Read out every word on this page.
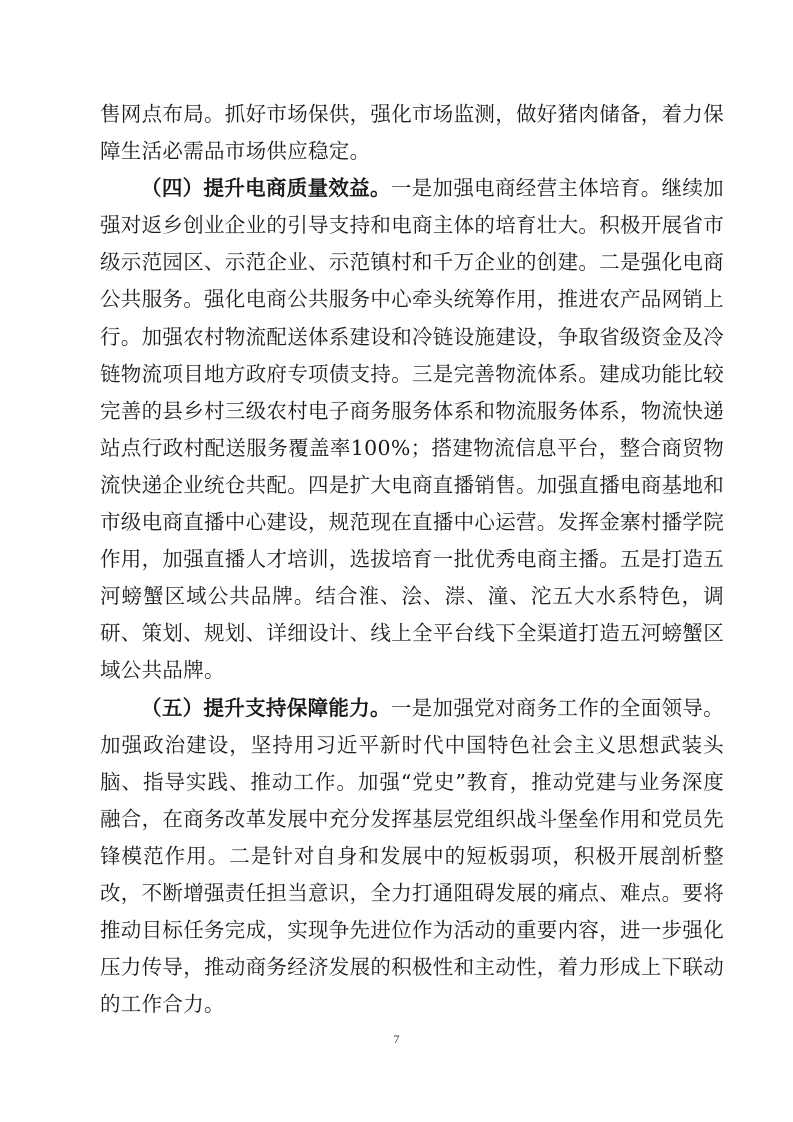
售网点布局。抓好市场保供，强化市场监测，做好猪肉储备，着力保障生活必需品市场供应稳定。

（四）提升电商质量效益。一是加强电商经营主体培育。继续加强对返乡创业企业的引导支持和电商主体的培育壮大。积极开展省市级示范园区、示范企业、示范镇村和千万企业的创建。二是强化电商公共服务。强化电商公共服务中心牵头统筹作用，推进农产品网销上行。加强农村物流配送体系建设和冷链设施建设，争取省级资金及冷链物流项目地方政府专项债支持。三是完善物流体系。建成功能比较完善的县乡村三级农村电子商务服务体系和物流服务体系，物流快递站点行政村配送服务覆盖率100%；搭建物流信息平台，整合商贸物流快递企业统仓共配。四是扩大电商直播销售。加强直播电商基地和市级电商直播中心建设，规范现在直播中心运营。发挥金寨村播学院作用，加强直播人才培训，选拔培育一批优秀电商主播。五是打造五河螃蟹区域公共品牌。结合淮、浍、漴、潼、沱五大水系特色，调研、策划、规划、详细设计、线上全平台线下全渠道打造五河螃蟹区域公共品牌。

（五）提升支持保障能力。一是加强党对商务工作的全面领导。加强政治建设，坚持用习近平新时代中国特色社会主义思想武装头脑、指导实践、推动工作。加强“党史”教育，推动党建与业务深度融合，在商务改革发展中充分发挥基层党组织战斗堡垒作用和党员先锋模范作用。二是针对自身和发展中的短板弱项，积极开展剖析整改，不断增强责任担当意识，全力打通阻碍发展的痛点、难点。要将推动目标任务完成，实现争先进位作为活动的重要内容，进一步强化压力传导，推动商务经济发展的积极性和主动性，着力形成上下联动的工作合力。

7
